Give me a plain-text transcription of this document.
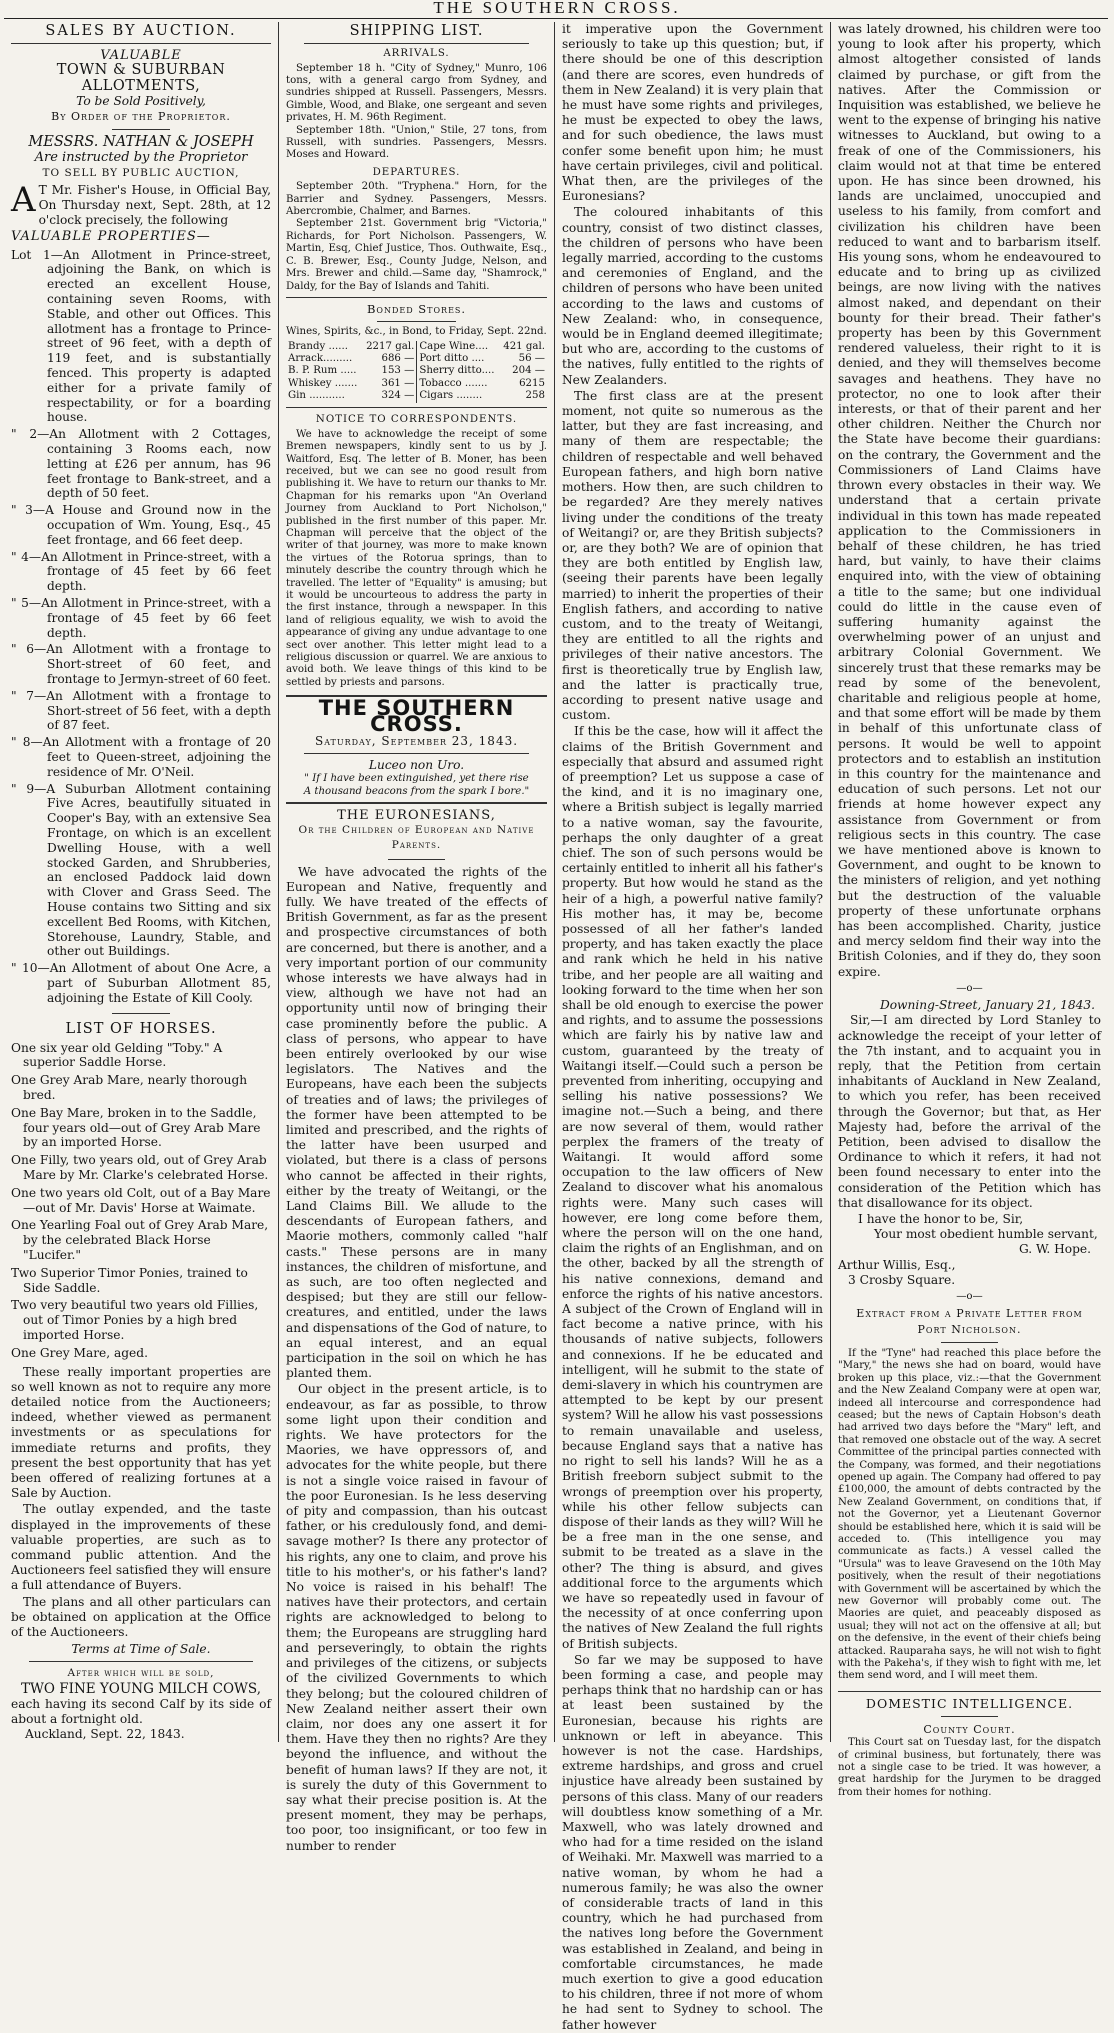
THE SOUTHERN CROSS.
SALES BY AUCTION.
VALUABLE
TOWN & SUBURBAN ALLOTMENTS,
To be Sold Positively,
By Order of the Proprietor.
MESSRS. NATHAN & JOSEPH
Are instructed by the Proprietor
TO SELL BY PUBLIC AUCTION,
A T Mr. Fisher's House, in Official Bay, On Thursday next, Sept. 28th, at 12 o'clock precisely, the following
VALUABLE PROPERTIES—
Lot 1—An Allotment in Prince-street, adjoining the Bank, on which is erected an excellent House, containing seven Rooms, with Stable, and other out Offices. This allotment has a frontage to Prince-street of 96 feet, with a depth of 119 feet, and is substantially fenced. This property is adapted either for a private family of respectability, or for a boarding house.
" 2—An Allotment with 2 Cottages, containing 3 Rooms each, now letting at £26 per annum, has 96 feet frontage to Bank-street, and a depth of 50 feet.
" 3—A House and Ground now in the occupation of Wm. Young, Esq., 45 feet frontage, and 66 feet deep.
" 4—An Allotment in Prince-street, with a frontage of 45 feet by 66 feet depth.
" 5—An Allotment in Prince-street, with a frontage of 45 feet by 66 feet depth.
" 6—An Allotment with a frontage to Short-street of 60 feet, and frontage to Jermyn-street of 60 feet.
" 7—An Allotment with a frontage to Short-street of 56 feet, with a depth of 87 feet.
" 8—An Allotment with a frontage of 20 feet to Queen-street, adjoining the residence of Mr. O'Neil.
" 9—A Suburban Allotment containing Five Acres, beautifully situated in Cooper's Bay, with an extensive Sea Frontage, on which is an excellent Dwelling House, with a well stocked Garden, and Shrubberies, an enclosed Paddock laid down with Clover and Grass Seed. The House contains two Sitting and six excellent Bed Rooms, with Kitchen, Storehouse, Laundry, Stable, and other out Buildings.
" 10—An Allotment of about One Acre, a part of Suburban Allotment 85, adjoining the Estate of Kill Cooly.
LIST OF HORSES.
One six year old Gelding "Toby." A superior Saddle Horse.
One Grey Arab Mare, nearly thorough bred.
One Bay Mare, broken in to the Saddle, four years old—out of Grey Arab Mare by an imported Horse.
One Filly, two years old, out of Grey Arab Mare by Mr. Clarke's celebrated Horse.
One two years old Colt, out of a Bay Mare—out of Mr. Davis' Horse at Waimate.
One Yearling Foal out of Grey Arab Mare, by the celebrated Black Horse "Lucifer."
Two Superior Timor Ponies, trained to Side Saddle.
Two very beautiful two years old Fillies, out of Timor Ponies by a high bred imported Horse.
One Grey Mare, aged.

These really important properties are so well known as not to require any more detailed notice from the Auctioneers; indeed, whether viewed as permanent investments or as speculations for immediate returns and profits, they present the best opportunity that has yet been offered of realizing fortunes at a Sale by Auction.

The outlay expended, and the taste displayed in the improvements of these valuable properties, are such as to command public attention. And the Auctioneers feel satisfied they will ensure a full attendance of Buyers.

The plans and all other particulars can be obtained on application at the Office of the Auctioneers.

Terms at Time of Sale.
After which will be sold,
TWO FINE YOUNG MILCH COWS,
each having its second Calf by its side of about a fortnight old.
Auckland, Sept. 22, 1843.
SHIPPING LIST.
ARRIVALS.

September 18 h. "City of Sydney," Munro, 106 tons, with a general cargo from Sydney, and sundries shipped at Russell. Passengers, Messrs. Gimble, Wood, and Blake, one sergeant and seven privates, H. M. 96th Regiment.

September 18th. "Union," Stile, 27 tons, from Russell, with sundries. Passengers, Messrs. Moses and Howard.

DEPARTURES.

September 20th. "Tryphena." Horn, for the Barrier and Sydney. Passengers, Messrs. Abercrombie, Chalmer, and Barnes.

September 21st. Government brig "Victoria," Richards, for Port Nicholson. Passengers, W. Martin, Esq, Chief Justice, Thos. Outhwaite, Esq., C. B. Brewer, Esq., County Judge, Nelson, and Mrs. Brewer and child.—Same day, "Shamrock," Daldy, for the Bay of Islands and Tahiti.

Bonded Stores.
Wines, Spirits, &c., in Bond, to Friday, Sept. 22nd.
Brandy ......	2217 gal.	Cape Wine....	421 gal.
Arrack.........	686 —	Port ditto ....	56 —
B. P. Rum .....	153 —	Sherry ditto....	204 —
Whiskey .......	361 —	Tobacco .......	6215
Gin ...........	324 —	Cigars ........	258
NOTICE TO CORRESPONDENTS.

We have to acknowledge the receipt of some Bremen newspapers, kindly sent to us by J. Waitford, Esq. The letter of B. Moner, has been received, but we can see no good result from publishing it. We have to return our thanks to Mr. Chapman for his remarks upon "An Overland Journey from Auckland to Port Nicholson," published in the first number of this paper. Mr. Chapman will perceive that the object of the writer of that journey, was more to make known the virtues of the Rotorua springs, than to minutely describe the country through which he travelled. The letter of "Equality" is amusing; but it would be uncourteous to address the party in the first instance, through a newspaper. In this land of religious equality, we wish to avoid the appearance of giving any undue advantage to one sect over another. This letter might lead to a religious discussion or quarrel. We are anxious to avoid both. We leave things of this kind to be settled by priests and parsons.

THE SOUTHERN CROSS.
Saturday, September 23, 1843.
Luceo non Uro.
" If I have been extinguished, yet there rise
A thousand beacons from the spark I bore."
THE EURONESIANS,
Or the Children of European and Native Parents.

We have advocated the rights of the European and Native, frequently and fully. We have treated of the effects of British Government, as far as the present and prospective circumstances of both are concerned, but there is another, and a very important portion of our community whose interests we have always had in view, although we have not had an opportunity until now of bringing their case prominently before the public. A class of persons, who appear to have been entirely overlooked by our wise legislators. The Natives and the Europeans, have each been the subjects of treaties and of laws; the privileges of the former have been attempted to be limited and prescribed, and the rights of the latter have been usurped and violated, but there is a class of persons who cannot be affected in their rights, either by the treaty of Weitangi, or the Land Claims Bill. We allude to the descendants of European fathers, and Maorie mothers, commonly called "half casts." These persons are in many instances, the children of misfortune, and as such, are too often neglected and despised; but they are still our fellow-creatures, and entitled, under the laws and dispensations of the God of nature, to an equal interest, and an equal participation in the soil on which he has planted them.

Our object in the present article, is to endeavour, as far as possible, to throw some light upon their condition and rights. We have protectors for the Maories, we have oppressors of, and advocates for the white people, but there is not a single voice raised in favour of the poor Euronesian. Is he less deserving of pity and compassion, than his outcast father, or his credulously fond, and demi-savage mother? Is there any protector of his rights, any one to claim, and prove his title to his mother's, or his father's land? No voice is raised in his behalf! The natives have their protectors, and certain rights are acknowledged to belong to them; the Europeans are struggling hard and perseveringly, to obtain the rights and privileges of the citizens, or subjects of the civilized Governments to which they belong; but the coloured children of New Zealand neither assert their own claim, nor does any one assert it for them. Have they then no rights? Are they beyond the influence, and without the benefit of human laws? If they are not, it is surely the duty of this Government to say what their precise position is. At the present moment, they may be perhaps, too poor, too insignificant, or too few in number to render

it imperative upon the Government seriously to take up this question; but, if there should be one of this description (and there are scores, even hundreds of them in New Zealand) it is very plain that he must have some rights and privileges, he must be expected to obey the laws, and for such obedience, the laws must confer some benefit upon him; he must have certain privileges, civil and political. What then, are the privileges of the Euronesians?

The coloured inhabitants of this country, consist of two distinct classes, the children of persons who have been legally married, according to the customs and ceremonies of England, and the children of persons who have been united according to the laws and customs of New Zealand: who, in consequence, would be in England deemed illegitimate; but who are, according to the customs of the natives, fully entitled to the rights of New Zealanders.

The first class are at the present moment, not quite so numerous as the latter, but they are fast increasing, and many of them are respectable; the children of respectable and well behaved European fathers, and high born native mothers. How then, are such children to be regarded? Are they merely natives living under the conditions of the treaty of Weitangi? or, are they British subjects? or, are they both? We are of opinion that they are both entitled by English law, (seeing their parents have been legally married) to inherit the properties of their English fathers, and according to native custom, and to the treaty of Weitangi, they are entitled to all the rights and privileges of their native ancestors. The first is theoretically true by English law, and the latter is practically true, according to present native usage and custom.

If this be the case, how will it affect the claims of the British Government and especially that absurd and assumed right of preemption? Let us suppose a case of the kind, and it is no imaginary one, where a British subject is legally married to a native woman, say the favourite, perhaps the only daughter of a great chief. The son of such persons would be certainly entitled to inherit all his father's property. But how would he stand as the heir of a high, a powerful native family? His mother has, it may be, become possessed of all her father's landed property, and has taken exactly the place and rank which he held in his native tribe, and her people are all waiting and looking forward to the time when her son shall be old enough to exercise the power and rights, and to assume the possessions which are fairly his by native law and custom, guaranteed by the treaty of Waitangi itself.—Could such a person be prevented from inheriting, occupying and selling his native possessions? We imagine not.—Such a being, and there are now several of them, would rather perplex the framers of the treaty of Waitangi. It would afford some occupation to the law officers of New Zealand to discover what his anomalous rights were. Many such cases will however, ere long come before them, where the person will on the one hand, claim the rights of an Englishman, and on the other, backed by all the strength of his native connexions, demand and enforce the rights of his native ancestors. A subject of the Crown of England will in fact become a native prince, with his thousands of native subjects, followers and connexions. If he be educated and intelligent, will he submit to the state of demi-slavery in which his countrymen are attempted to be kept by our present system? Will he allow his vast possessions to remain unavailable and useless, because England says that a native has no right to sell his lands? Will he as a British freeborn subject submit to the wrongs of preemption over his property, while his other fellow subjects can dispose of their lands as they will? Will he be a free man in the one sense, and submit to be treated as a slave in the other? The thing is absurd, and gives additional force to the arguments which we have so repeatedly used in favour of the necessity of at once conferring upon the natives of New Zealand the full rights of British subjects.

So far we may be supposed to have been forming a case, and people may perhaps think that no hardship can or has at least been sustained by the Euronesian, because his rights are unknown or left in abeyance. This however is not the case. Hardships, extreme hardships, and gross and cruel injustice have already been sustained by persons of this class. Many of our readers will doubtless know something of a Mr. Maxwell, who was lately drowned and who had for a time resided on the island of Weihaki. Mr. Maxwell was married to a native woman, by whom he had a numerous family; he was also the owner of considerable tracts of land in this country, which he had purchased from the natives long before the Government was established in Zealand, and being in comfortable circumstances, he made much exertion to give a good education to his children, three if not more of whom he had sent to Sydney to school. The father however

was lately drowned, his children were too young to look after his property, which almost altogether consisted of lands claimed by purchase, or gift from the natives. After the Commission or Inquisition was established, we believe he went to the expense of bringing his native witnesses to Auckland, but owing to a freak of one of the Commissioners, his claim would not at that time be entered upon. He has since been drowned, his lands are unclaimed, unoccupied and useless to his family, from comfort and civilization his children have been reduced to want and to barbarism itself. His young sons, whom he endeavoured to educate and to bring up as civilized beings, are now living with the natives almost naked, and dependant on their bounty for their bread. Their father's property has been by this Government rendered valueless, their right to it is denied, and they will themselves become savages and heathens. They have no protector, no one to look after their interests, or that of their parent and her other children. Neither the Church nor the State have become their guardians: on the contrary, the Government and the Commissioners of Land Claims have thrown every obstacles in their way. We understand that a certain private individual in this town has made repeated application to the Commissioners in behalf of these children, he has tried hard, but vainly, to have their claims enquired into, with the view of obtaining a title to the same; but one individual could do little in the cause even of suffering humanity against the overwhelming power of an unjust and arbitrary Colonial Government. We sincerely trust that these remarks may be read by some of the benevolent, charitable and religious people at home, and that some effort will be made by them in behalf of this unfortunate class of persons. It would be well to appoint protectors and to establish an institution in this country for the maintenance and education of such persons. Let not our friends at home however expect any assistance from Government or from religious sects in this country. The case we have mentioned above is known to Government, and ought to be known to the ministers of religion, and yet nothing but the destruction of the valuable property of these unfortunate orphans has been accomplished. Charity, justice and mercy seldom find their way into the British Colonies, and if they do, they soon expire.

—o—
Downing-Street, January 21, 1843.

Sir,—I am directed by Lord Stanley to acknowledge the receipt of your letter of the 7th instant, and to acquaint you in reply, that the Petition from certain inhabitants of Auckland in New Zealand, to which you refer, has been received through the Governor; but that, as Her Majesty had, before the arrival of the Petition, been advised to disallow the Ordinance to which it refers, it had not been found necessary to enter into the consideration of the Petition which has that disallowance for its object.

I have the honor to be, Sir,
Your most obedient humble servant,
G. W. Hope.
Arthur Willis, Esq.,
3 Crosby Square.
—o—
Extract from a Private Letter from
Port Nicholson.

If the "Tyne" had reached this place before the "Mary," the news she had on board, would have broken up this place, viz.:—that the Government and the New Zealand Company were at open war, indeed all intercourse and correspondence had ceased; but the news of Captain Hobson's death had arrived two days before the "Mary" left, and that removed one obstacle out of the way. A secret Committee of the principal parties connected with the Company, was formed, and their negotiations opened up again. The Company had offered to pay £100,000, the amount of debts contracted by the New Zealand Government, on conditions that, if not the Governor, yet a Lieutenant Governor should be established here, which it is said will be acceded to. (This intelligence you may communicate as facts.) A vessel called the "Ursula" was to leave Gravesend on the 10th May positively, when the result of their negotiations with Government will be ascertained by which the new Governor will probably come out. The Maories are quiet, and peaceably disposed as usual; they will not act on the offensive at all; but on the defensive, in the event of their chiefs being attacked. Rauparaha says, he will not wish to fight with the Pakeha's, if they wish to fight with me, let them send word, and I will meet them.

DOMESTIC INTELLIGENCE.
County Court.

This Court sat on Tuesday last, for the dispatch of criminal business, but fortunately, there was not a single case to be tried. It was however, a great hardship for the Jurymen to be dragged from their homes for nothing.
